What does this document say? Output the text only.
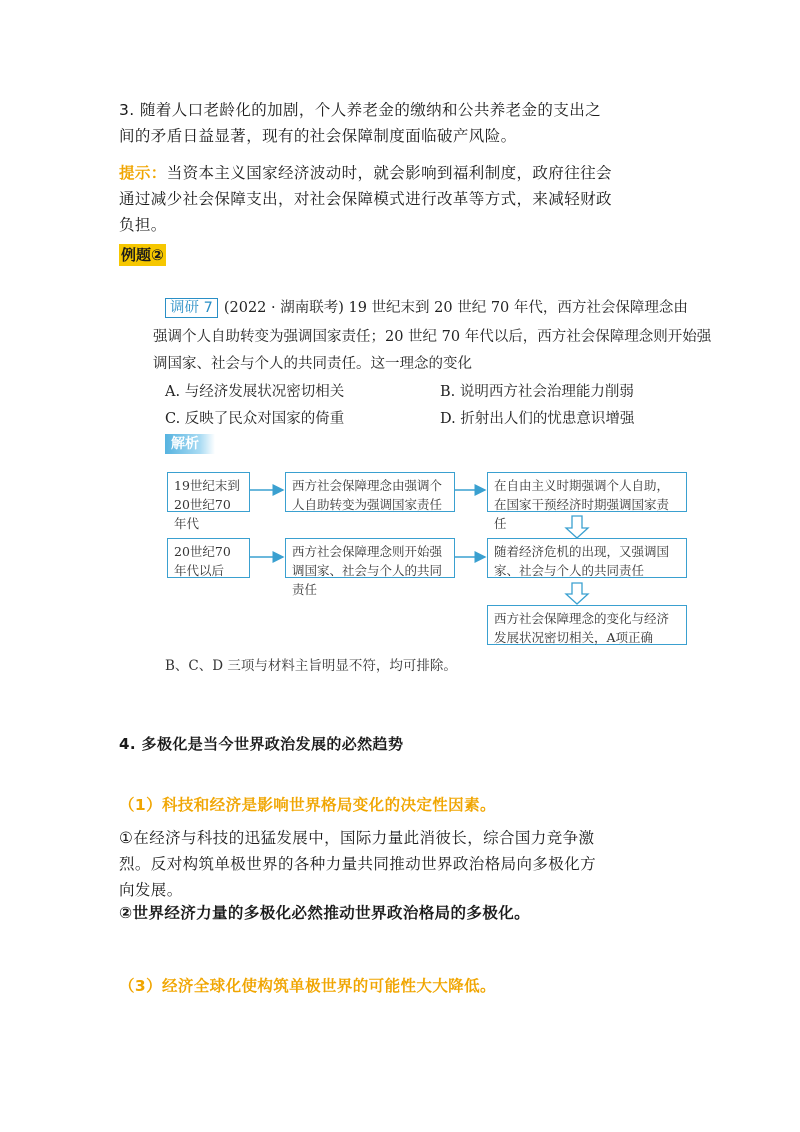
3. 随着人口老龄化的加剧，个人养老金的缴纳和公共养老金的支出之
间的矛盾日益显著，现有的社会保障制度面临破产风险。
提示：当资本主义国家经济波动时，就会影响到福利制度，政府往往会
通过减少社会保障支出，对社会保障模式进行改革等方式，来减轻财政
负担。
例题②
调研 7 (2022 · 湖南联考) 19 世纪末到 20 世纪 70 年代，西方社会保障理念由
强调个人自助转变为强调国家责任；20 世纪 70 年代以后，西方社会保障理念则开始强
调国家、社会与个人的共同责任。这一理念的变化
A. 与经济发展状况密切相关	B. 说明西方社会治理能力削弱
C. 反映了民众对国家的倚重	D. 折射出人们的忧患意识增强
解析
19世纪末到20世纪70年代
西方社会保障理念由强调个人自助转变为强调国家责任
在自由主义时期强调个人自助，在国家干预经济时期强调国家责任
20世纪70年代以后
西方社会保障理念则开始强调国家、社会与个人的共同责任
随着经济危机的出现，又强调国家、社会与个人的共同责任
西方社会保障理念的变化与经济发展状况密切相关，A项正确
B、C、D 三项与材料主旨明显不符，均可排除。
4. 多极化是当今世界政治发展的必然趋势
（1）科技和经济是影响世界格局变化的决定性因素。
①在经济与科技的迅猛发展中，国际力量此消彼长，综合国力竞争激
烈。反对构筑单极世界的各种力量共同推动世界政治格局向多极化方
向发展。
②世界经济力量的多极化必然推动世界政治格局的多极化。
（3）经济全球化使构筑单极世界的可能性大大降低。
